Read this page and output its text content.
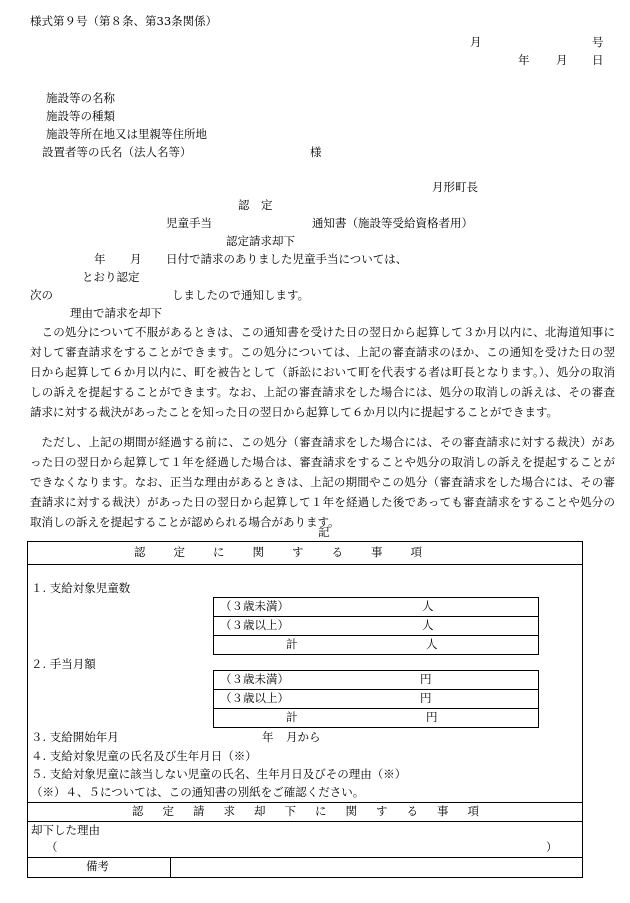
様式第９号（第８条、第33条関係）
月	号
年 月 日
施設等の名称
施設等の種類
施設等所在地又は里親等住所地
設置者等の氏名（法人名等）	様
月形町長
認　定
児童手当	通知書（施設等受給資格者用）
認定請求却下
年 月 日付で請求のありました児童手当については、
とおり認定
次の	しましたので通知します。
理由で請求を却下
この処分について不服があるときは、この通知書を受けた日の翌日から起算して３か月以内に、北海道知事に対して審査請求をすることができます。この処分については、上記の審査請求のほか、この通知を受けた日の翌日から起算して６か月以内に、町を被告として（訴訟において町を代表する者は町長となります。）、処分の取消しの訴えを提起することができます。なお、上記の審査請求をした場合には、処分の取消しの訴えは、その審査請求に対する裁決があったことを知った日の翌日から起算して６か月以内に提起することができます。
ただし、上記の期間が経過する前に、この処分（審査請求をした場合には、その審査請求に対する裁決）があった日の翌日から起算して１年を経過した場合は、審査請求をすることや処分の取消しの訴えを提起することができなくなります。なお、正当な理由があるときは、上記の期間やこの処分（審査請求をした場合には、その審査請求に対する裁決）があった日の翌日から起算して１年を経過した後であっても審査請求をすることや処分の取消しの訴えを提起することが認められる場合があります。
記
認定に関する事項
１. 支給対象児童数
（３歳未満）	人
（３歳以上）	人
計	人
２. 手当月額
（３歳未満）	円
（３歳以上）	円
計	円
３. 支給開始年月	年 月から
４. 支給対象児童の氏名及び生年月日（※）
５. 支給対象児童に該当しない児童の氏名、生年月日及びその理由（※）
（※）４、５については、この通知書の別紙をご確認ください。
認定請求却下に関する事項
却下した理由
（	）
備考
